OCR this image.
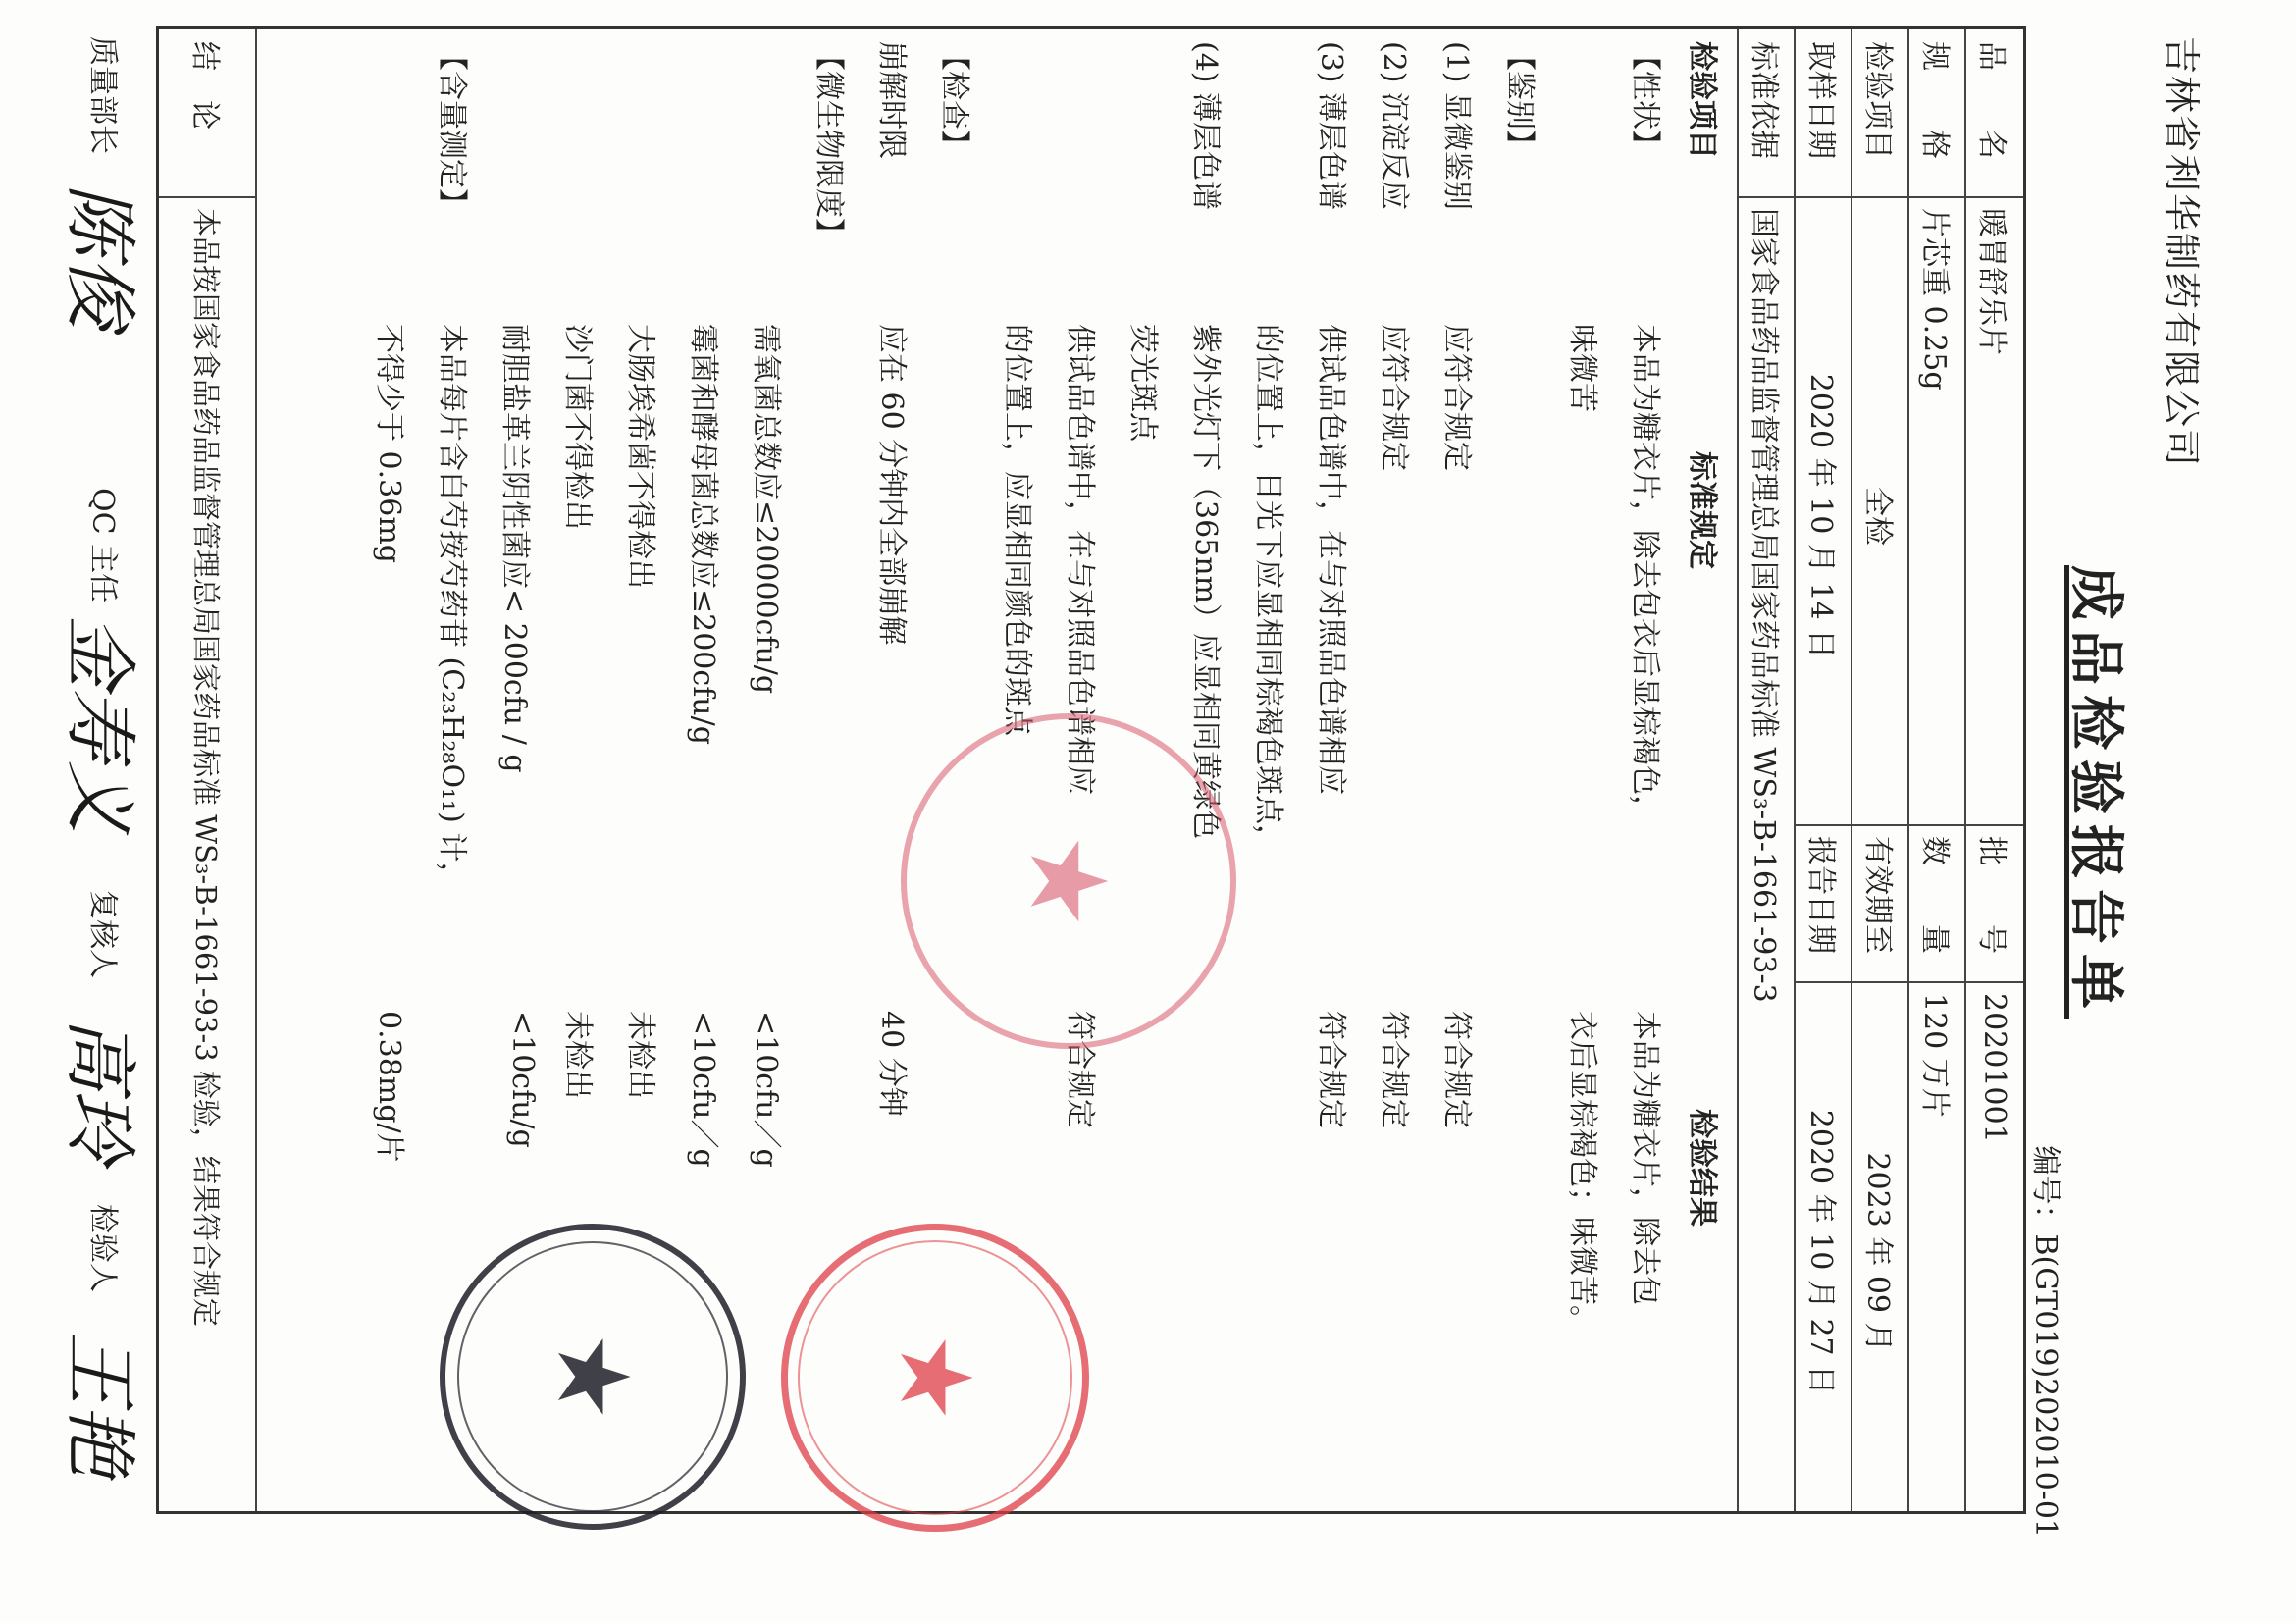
吉林省利华制药有限公司
成品检验报告单
编号：B(GT019)202010-01
品　　名
暖胃舒乐片
批　　号
20201001
规　　格
片芯重 0.25g
数　　量
120 万片
检验项目
全检
有效期至
2023 年 09 月
取样日期
2020 年 10 月 14 日
报告日期
2020 年 10 月 27 日
标准依据
国家食品药品监督管理总局国家药品标准 WS₃-B-1661-93-3
检验项目
标准规定
检验结果
【性状】
本品为糖衣片，除去包衣后显棕褐色，
本品为糖衣片，除去包
味微苦
衣后显棕褐色；味微苦。
【鉴别】
(1) 显微鉴别
应符合规定
符合规定
(2) 沉淀反应
应符合规定
符合规定
(3) 薄层色谱
供试品色谱中，在与对照品色谱相应
符合规定
的位置上，日光下应显相同棕褐色斑点，
(4) 薄层色谱
紫外光灯下（365nm）应显相同黄绿色
荧光斑点
供试品色谱中，在与对照品色谱相应
符合规定
的位置上，应显相同颜色的斑点
【检查】
崩解时限
应在 60 分钟内全部崩解
40 分钟
【微生物限度】
需氧菌总数应≤20000cfu/g
<10cfu／g
霉菌和酵母菌总数应≤200cfu/g
<10cfu／g
大肠埃希菌不得检出
未检出
沙门菌不得检出
未检出
耐胆盐革兰阴性菌应< 200cfu / g
<10cfu/g
【含量测定】
本品每片含白芍按芍药苷 (C₂₃H₂₈O₁₁) 计，
不得少于 0.36mg
0.38mg/片
结　论
本品按国家食品药品监督管理总局国家药品标准 WS₃-B-1661-93-3 检验，结果符合规定
质量部长
陈俊
QC 主任
金寿义
复核人
高玲
检验人
王艳
★
★
★
